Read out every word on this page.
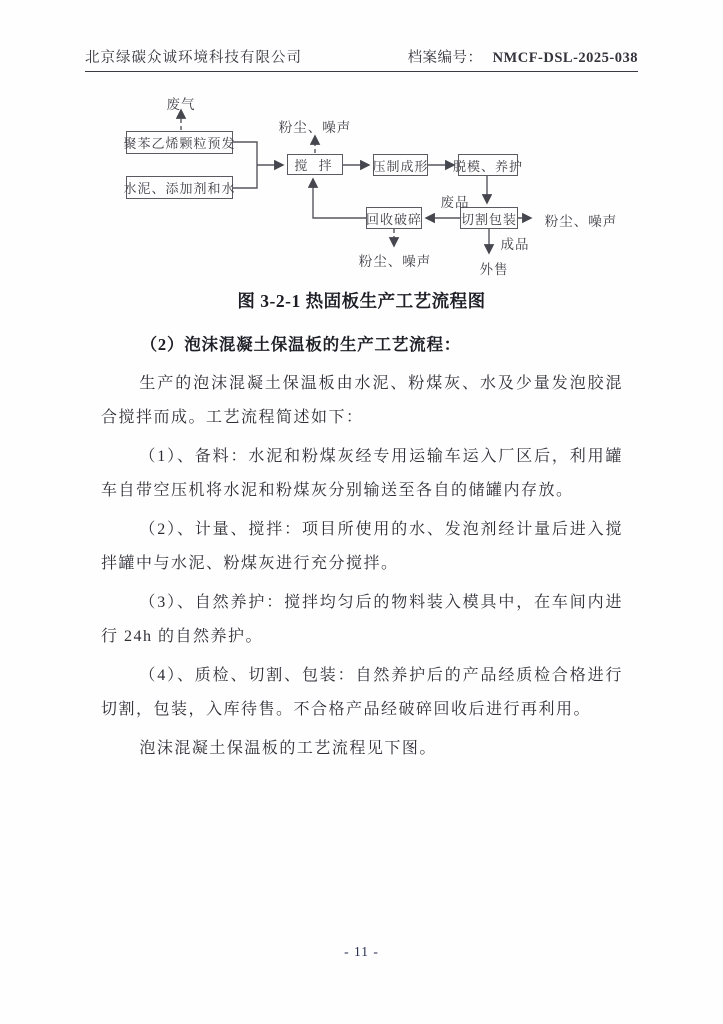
北京绿碳众诚环境科技有限公司	档案编号： NMCF-DSL-2025-038
聚苯乙烯颗粒预发
水泥、添加剂和水
搅 拌	压制成形 脱模、养护
切割包装
回收破碎
废气
粉尘、噪声
废品
粉尘、噪声
粉尘、噪声
成品
外售
图 3-2-1 热固板生产工艺流程图
（2）泡沫混凝土保温板的生产工艺流程：

生产的泡沫混凝土保温板由水泥、粉煤灰、水及少量发泡胶混合搅拌而成。工艺流程简述如下：

（1）、备料：水泥和粉煤灰经专用运输车运入厂区后，利用罐车自带空压机将水泥和粉煤灰分别输送至各自的储罐内存放。

（2）、计量、搅拌：项目所使用的水、发泡剂经计量后进入搅拌罐中与水泥、粉煤灰进行充分搅拌。

（3）、自然养护：搅拌均匀后的物料装入模具中，在车间内进行 24h 的自然养护。

（4）、质检、切割、包装：自然养护后的产品经质检合格进行切割，包装，入库待售。不合格产品经破碎回收后进行再利用。

泡沫混凝土保温板的工艺流程见下图。

- 11 -
